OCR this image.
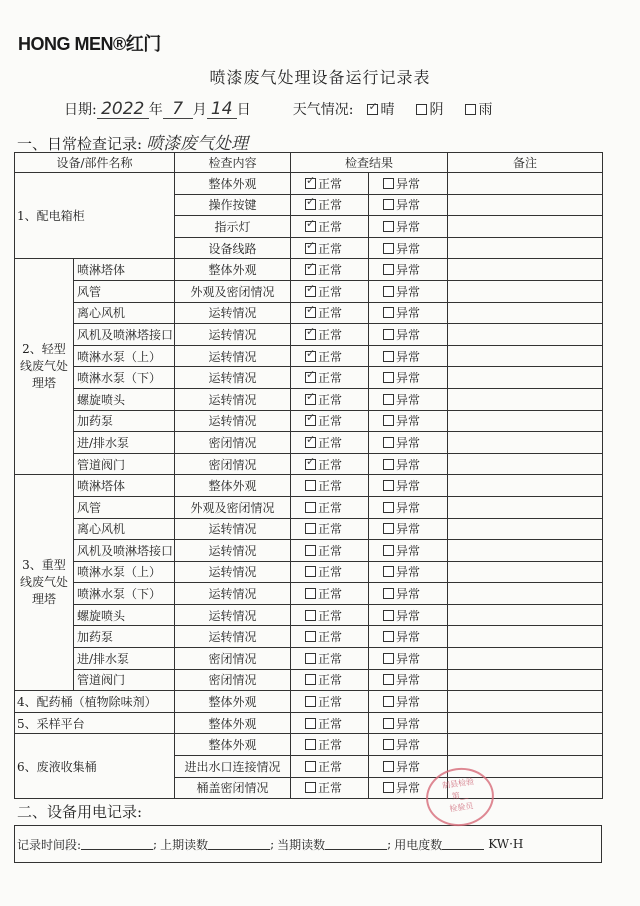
HONG MEN®红门
喷漆废气处理设备运行记录表
日期: 2022 年 7 月 14 日	天气情况: ✓	晴	阴	雨
一、日常检查记录: 喷漆废气处理
设备/部件名称		检查内容	检查结果		备注
1、配电箱柜		整体外观	✓正常	异常	
		操作按键	✓正常	异常	
		指示灯	✓正常	异常	
		设备线路	✓正常	异常	
2、轻型线废气处理塔	喷淋塔体	整体外观	✓正常	异常	
	风管	外观及密闭情况	✓正常	异常	
	离心风机	运转情况	✓正常	异常	
	风机及喷淋塔接口	运转情况	✓正常	异常	
	喷淋水泵（上）	运转情况	✓正常	异常	
	喷淋水泵（下）	运转情况	✓正常	异常	
	螺旋喷头	运转情况	✓正常	异常	
	加药泵	运转情况	✓正常	异常	
	进/排水泵	密闭情况	✓正常	异常	
	管道阀门	密闭情况	✓正常	异常	
3、重型线废气处理塔	喷淋塔体	整体外观	正常	异常	
	风管	外观及密闭情况	正常	异常	
	离心风机	运转情况	正常	异常	
	风机及喷淋塔接口	运转情况	正常	异常	
	喷淋水泵（上）	运转情况	正常	异常	
	喷淋水泵（下）	运转情况	正常	异常	
	螺旋喷头	运转情况	正常	异常	
	加药泵	运转情况	正常	异常	
	进/排水泵	密闭情况	正常	异常	
	管道阀门	密闭情况	正常	异常	
4、配药桶（植物除味剂）		整体外观	正常	异常	
5、采样平台		整体外观	正常	异常	
6、废液收集桶		整体外观	正常	异常	
		进出水口连接情况	正常	异常	
		桶盖密闭情况	正常	异常	
二、设备用电记录:
记录时间段:	; 上期读数	; 当期读数	; 用电度数	KW·H
制县检验
第__
检验员
